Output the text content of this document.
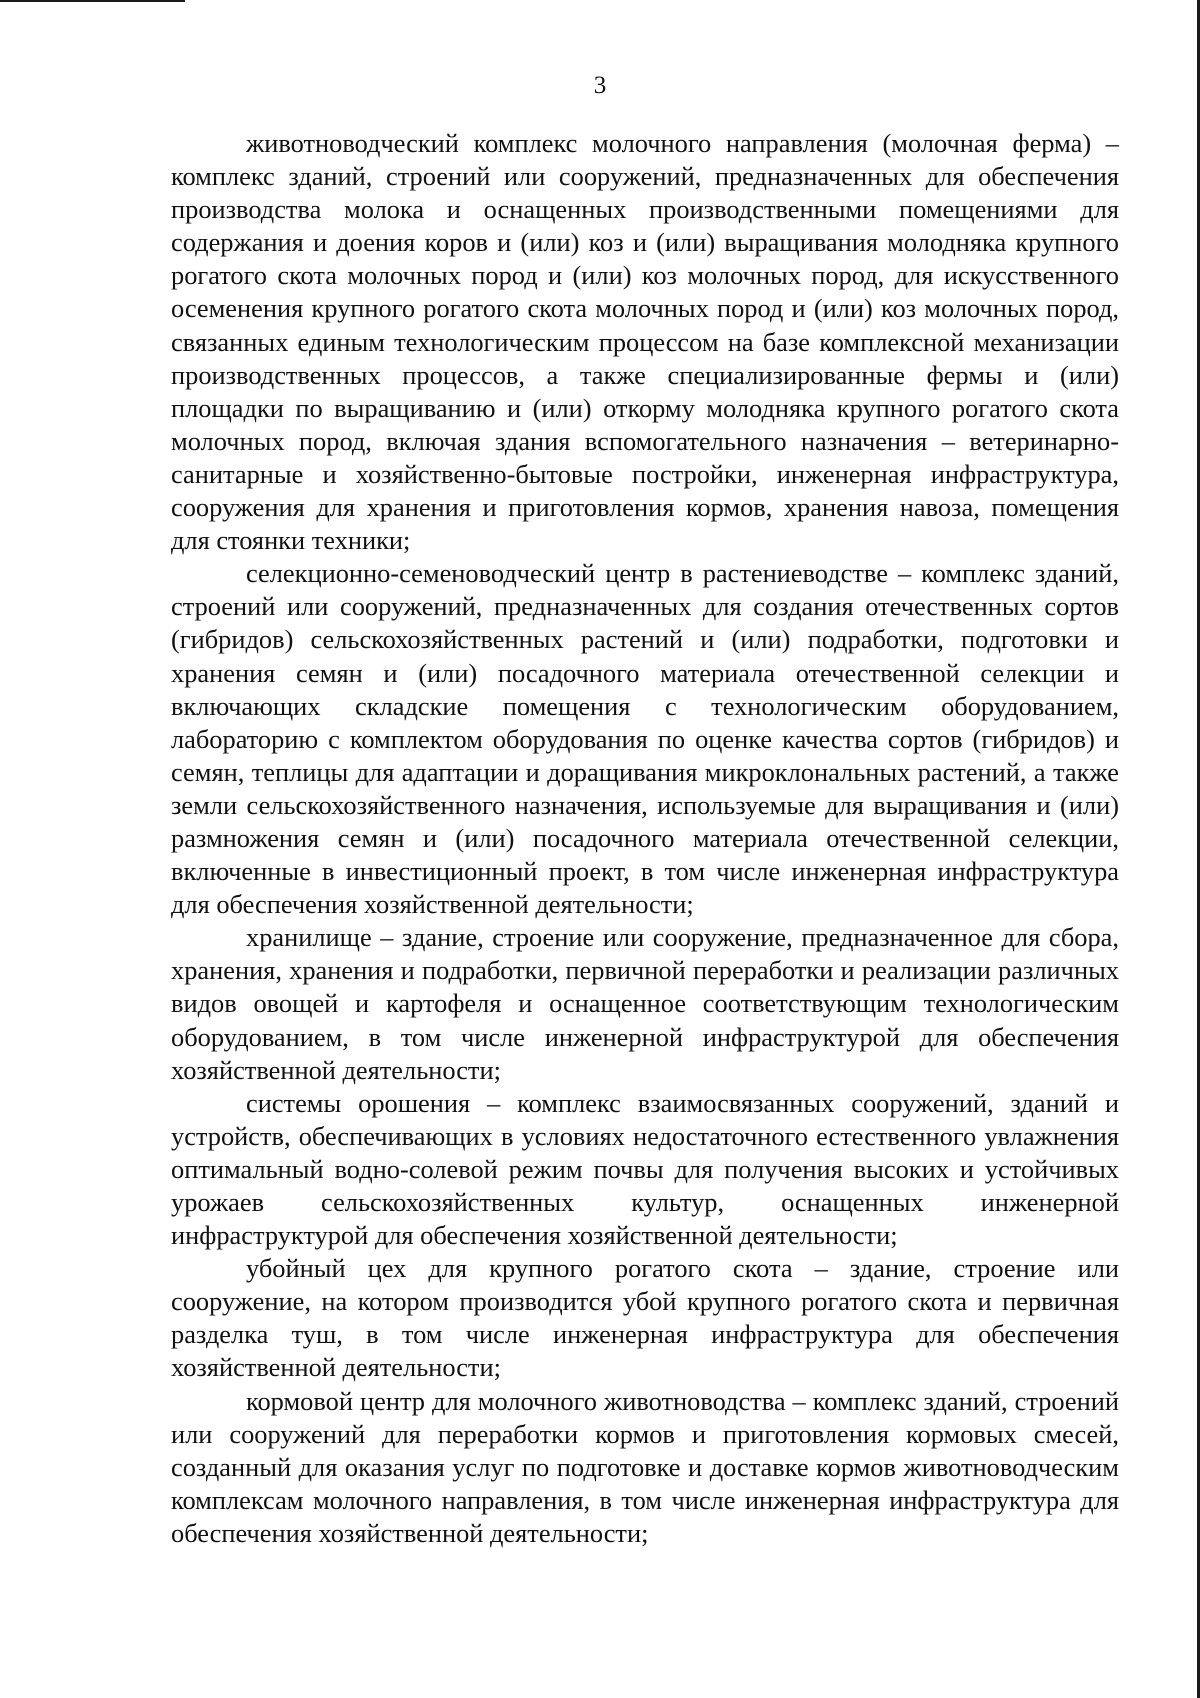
3

животноводческий комплекс молочного направления (молочная ферма) – комплекс зданий, строений или сооружений, предназначенных для обеспечения производства молока и оснащенных производственными помещениями для содержания и доения коров и (или) коз и (или) выращивания молодняка крупного рогатого скота молочных пород и (или) коз молочных пород, для искусственного осеменения крупного рогатого скота молочных пород и (или) коз молочных пород, связанных единым технологическим процессом на базе комплексной механизации производственных процессов, а также специализированные фермы и (или) площадки по выращиванию и (или) откорму молодняка крупного рогатого скота молочных пород, включая здания вспомогательного назначения – ветеринарно-санитарные и хозяйственно-бытовые постройки, инженерная инфраструктура, сооружения для хранения и приготовления кормов, хранения навоза, помещения для стоянки техники;

селекционно-семеноводческий центр в растениеводстве – комплекс зданий, строений или сооружений, предназначенных для создания отечественных сортов (гибридов) сельскохозяйственных растений и (или) подработки, подготовки и хранения семян и (или) посадочного материала отечественной селекции и включающих складские помещения с технологическим оборудованием, лабораторию с комплектом оборудования по оценке качества сортов (гибридов) и семян, теплицы для адаптации и доращивания микроклональных растений, а также земли сельскохозяйственного назначения, используемые для выращивания и (или) размножения семян и (или) посадочного материала отечественной селекции, включенные в инвестиционный проект, в том числе инженерная инфраструктура для обеспечения хозяйственной деятельности;

хранилище – здание, строение или сооружение, предназначенное для сбора, хранения, хранения и подработки, первичной переработки и реализации различных видов овощей и картофеля и оснащенное соответствующим технологическим оборудованием, в том числе инженерной инфраструктурой для обеспечения хозяйственной деятельности;

системы орошения – комплекс взаимосвязанных сооружений, зданий и устройств, обеспечивающих в условиях недостаточного естественного увлажнения оптимальный водно-солевой режим почвы для получения высоких и устойчивых урожаев сельскохозяйственных культур, оснащенных инженерной инфраструктурой для обеспечения хозяйственной деятельности;

убойный цех для крупного рогатого скота – здание, строение или сооружение, на котором производится убой крупного рогатого скота и первичная разделка туш, в том числе инженерная инфраструктура для обеспечения хозяйственной деятельности;

кормовой центр для молочного животноводства – комплекс зданий, строений или сооружений для переработки кормов и приготовления кормовых смесей, созданный для оказания услуг по подготовке и доставке кормов животноводческим комплексам молочного направления, в том числе инженерная инфраструктура для обеспечения хозяйственной деятельности;
